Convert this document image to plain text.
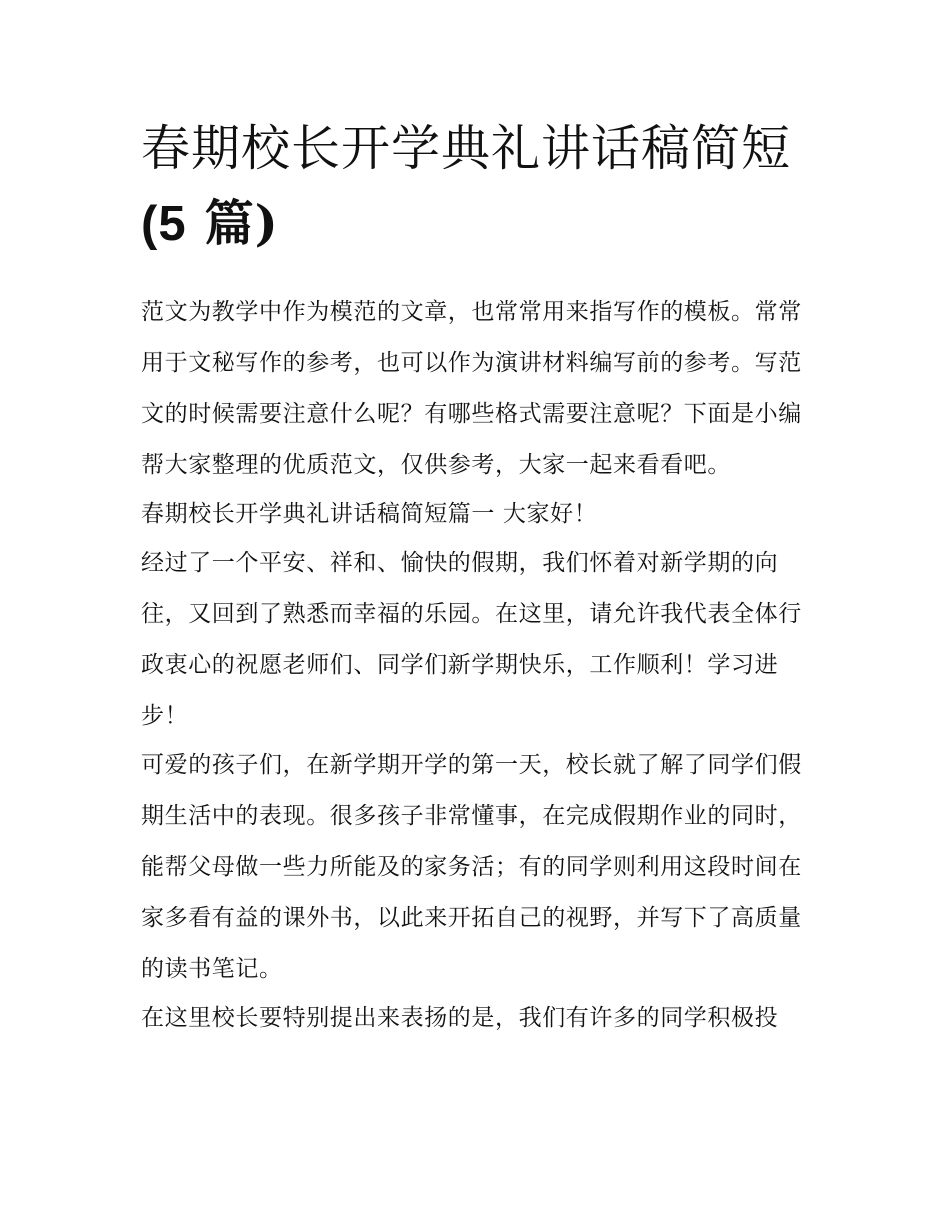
春期校长开学典礼讲话稿简短
(5 篇)

范文为教学中作为模范的文章，也常常用来指写作的模板。常常用于文秘写作的参考，也可以作为演讲材料编写前的参考。写范文的时候需要注意什么呢？有哪些格式需要注意呢？下面是小编帮大家整理的优质范文，仅供参考，大家一起来看看吧。

春期校长开学典礼讲话稿简短篇一 大家好！

经过了一个平安、祥和、愉快的假期，我们怀着对新学期的向往，又回到了熟悉而幸福的乐园。在这里，请允许我代表全体行政衷心的祝愿老师们、同学们新学期快乐，工作顺利！学习进步！

可爱的孩子们，在新学期开学的第一天，校长就了解了同学们假期生活中的表现。很多孩子非常懂事，在完成假期作业的同时，能帮父母做一些力所能及的家务活；有的同学则利用这段时间在家多看有益的课外书，以此来开拓自己的视野，并写下了高质量的读书笔记。

在这里校长要特别提出来表扬的是，我们有许多的同学积极投
